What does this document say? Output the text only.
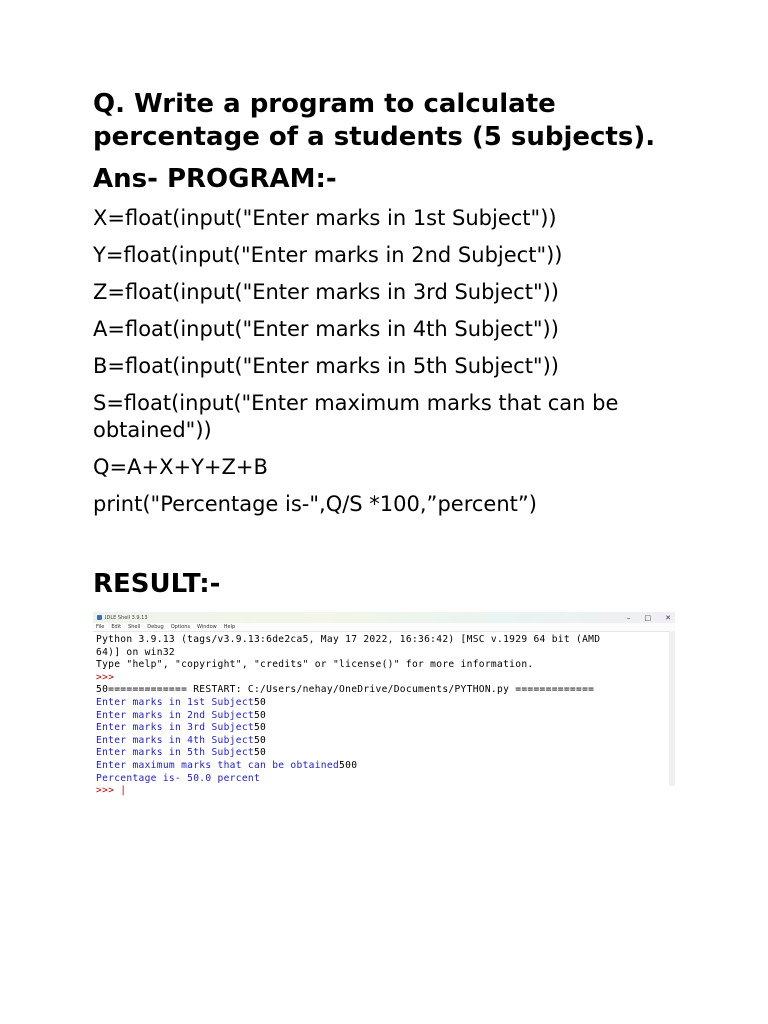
Q. Write a program to calculate percentage of a students (5 subjects).
Ans- PROGRAM:-
X=float(input("Enter marks in 1st Subject"))
Y=float(input("Enter marks in 2nd Subject"))
Z=float(input("Enter marks in 3rd Subject"))
A=float(input("Enter marks in 4th Subject"))
B=float(input("Enter marks in 5th Subject"))
S=float(input("Enter maximum marks that can be obtained"))
Q=A+X+Y+Z+B
print("Percentage is-",Q/S *100,”percent”)
RESULT:-
IDLE Shell 3.9.13	– □ ✕
File Edit Shell Debug Options Window Help
Python 3.9.13 (tags/v3.9.13:6de2ca5, May 17 2022, 16:36:42) [MSC v.1929 64 bit (AMD
64)] on win32
Type "help", "copyright", "credits" or "license()" for more information.
>>>
50============= RESTART: C:/Users/nehay/OneDrive/Documents/PYTHON.py =============
Enter marks in 1st Subject50
Enter marks in 2nd Subject50
Enter marks in 3rd Subject50
Enter marks in 4th Subject50
Enter marks in 5th Subject50
Enter maximum marks that can be obtained500
Percentage is- 50.0 percent
>>> |
